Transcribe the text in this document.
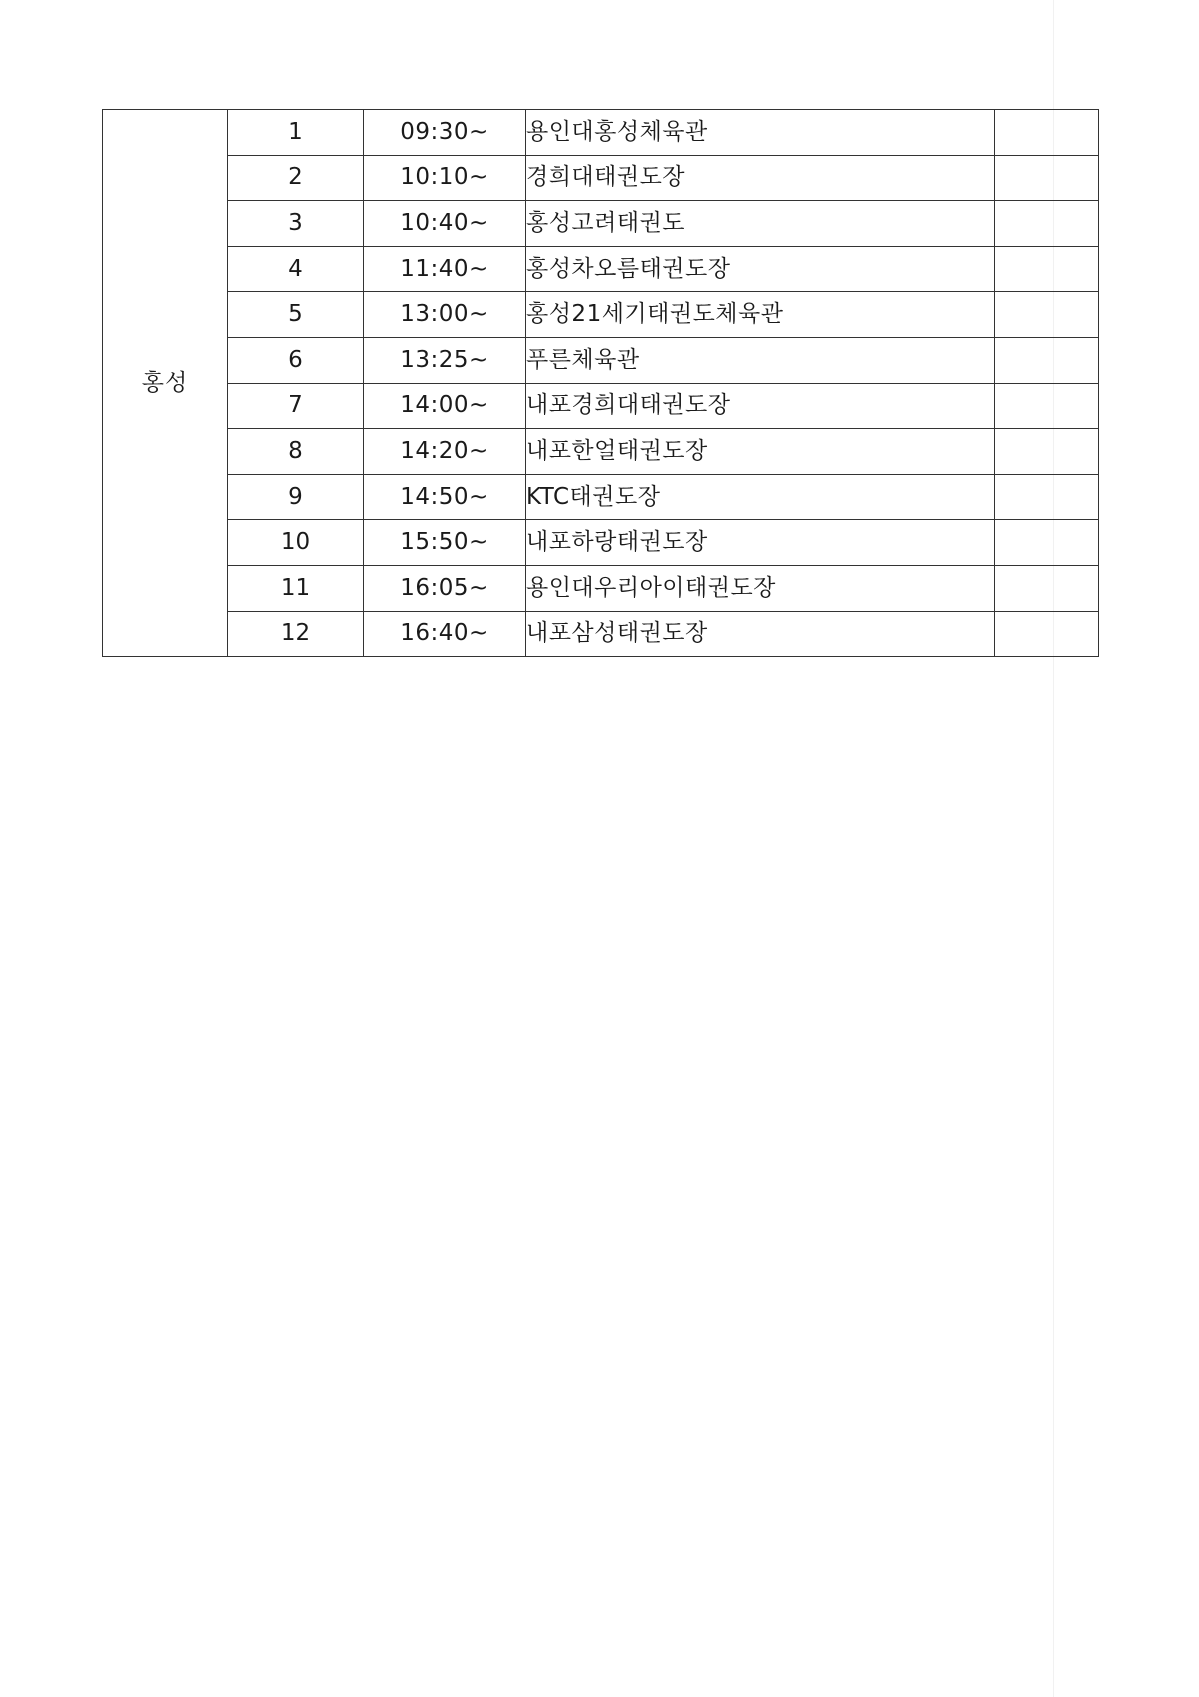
홍성	1	09:30~	용인대홍성체육관	
	2	10:10~	경희대태권도장	
	3	10:40~	홍성고려태권도	
	4	11:40~	홍성차오름태권도장	
	5	13:00~	홍성21세기태권도체육관	
	6	13:25~	푸른체육관	
	7	14:00~	내포경희대태권도장	
	8	14:20~	내포한얼태권도장	
	9	14:50~	KTC태권도장	
	10	15:50~	내포하랑태권도장	
	11	16:05~	용인대우리아이태권도장	
	12	16:40~	내포삼성태권도장	
